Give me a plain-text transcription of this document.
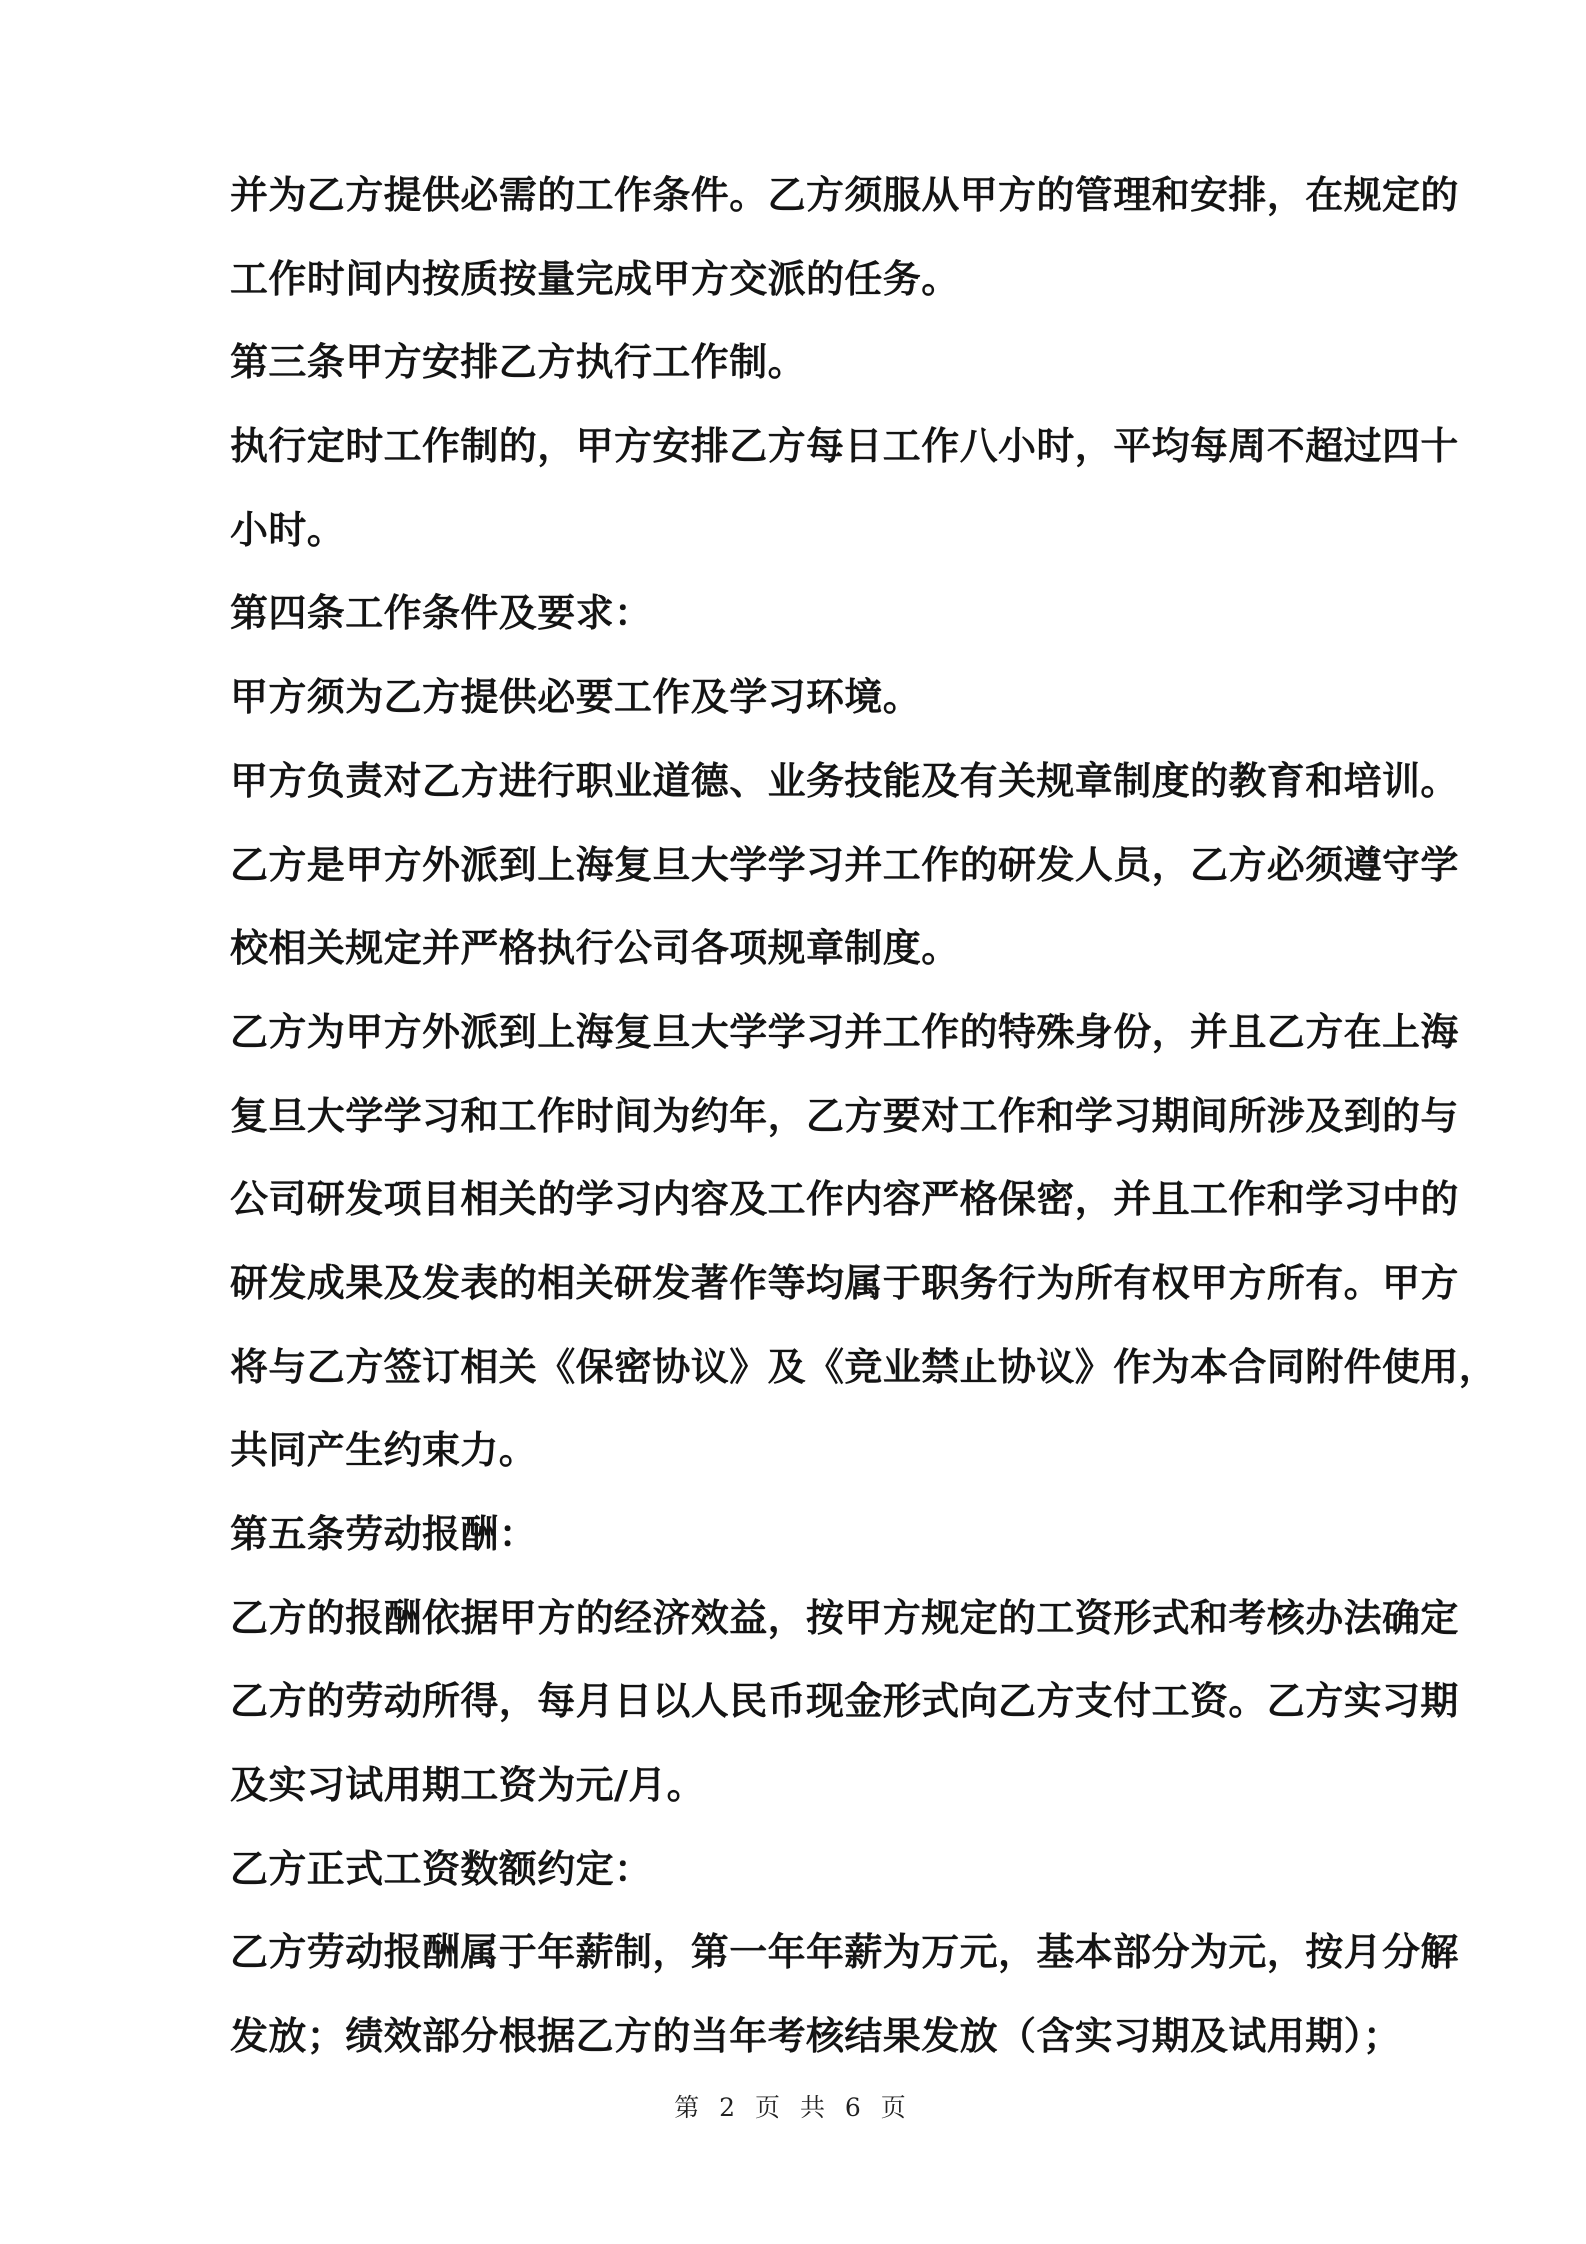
并为乙方提供必需的工作条件。乙方须服从甲方的管理和安排，在规定的
工作时间内按质按量完成甲方交派的任务。
第三条甲方安排乙方执行工作制。
执行定时工作制的，甲方安排乙方每日工作八小时，平均每周不超过四十
小时。
第四条工作条件及要求：
甲方须为乙方提供必要工作及学习环境。
甲方负责对乙方进行职业道德、业务技能及有关规章制度的教育和培训。
乙方是甲方外派到上海复旦大学学习并工作的研发人员，乙方必须遵守学
校相关规定并严格执行公司各项规章制度。
乙方为甲方外派到上海复旦大学学习并工作的特殊身份，并且乙方在上海
复旦大学学习和工作时间为约年，乙方要对工作和学习期间所涉及到的与
公司研发项目相关的学习内容及工作内容严格保密，并且工作和学习中的
研发成果及发表的相关研发著作等均属于职务行为所有权甲方所有。甲方
将与乙方签订相关《保密协议》及《竞业禁止协议》作为本合同附件使用，
共同产生约束力。
第五条劳动报酬：
乙方的报酬依据甲方的经济效益，按甲方规定的工资形式和考核办法确定
乙方的劳动所得，每月日以人民币现金形式向乙方支付工资。乙方实习期
及实习试用期工资为元/月。
乙方正式工资数额约定：
乙方劳动报酬属于年薪制，第一年年薪为万元，基本部分为元，按月分解
发放；绩效部分根据乙方的当年考核结果发放（含实习期及试用期）；
第 2 页 共 6 页
